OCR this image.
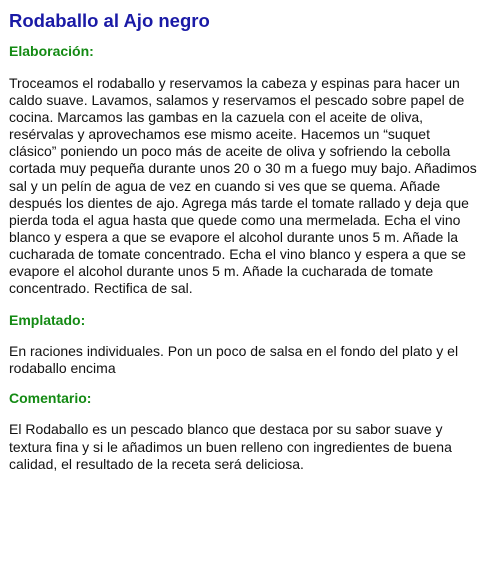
Rodaballo al Ajo negro
Elaboración:

Troceamos el rodaballo y reservamos la cabeza y espinas para hacer un caldo suave. Lavamos, salamos y reservamos el pescado sobre papel de cocina. Marcamos las gambas en la cazuela con el aceite de oliva, resérvalas y aprovechamos ese mismo aceite. Hacemos un “suquet clásico” poniendo un poco más de aceite de oliva y sofriendo la cebolla cortada muy pequeña durante unos 20 o 30 m a fuego muy bajo. Añadimos sal y un pelín de agua de vez en cuando si ves que se quema. Añade después los dientes de ajo. Agrega más tarde el tomate rallado y deja que pierda toda el agua hasta que quede como una mermelada. Echa el vino blanco y espera a que se evapore el alcohol durante unos 5 m. Añade la cucharada de tomate concentrado. Echa el vino blanco y espera a que se evapore el alcohol durante unos 5 m. Añade la cucharada de tomate concentrado. Rectifica de sal.

Emplatado:

En raciones individuales. Pon un poco de salsa en el fondo del plato y el rodaballo encima

Comentario:

El Rodaballo es un pescado blanco que destaca por su sabor suave y textura fina y si le añadimos un buen relleno con ingredientes de buena calidad, el resultado de la receta será deliciosa.
